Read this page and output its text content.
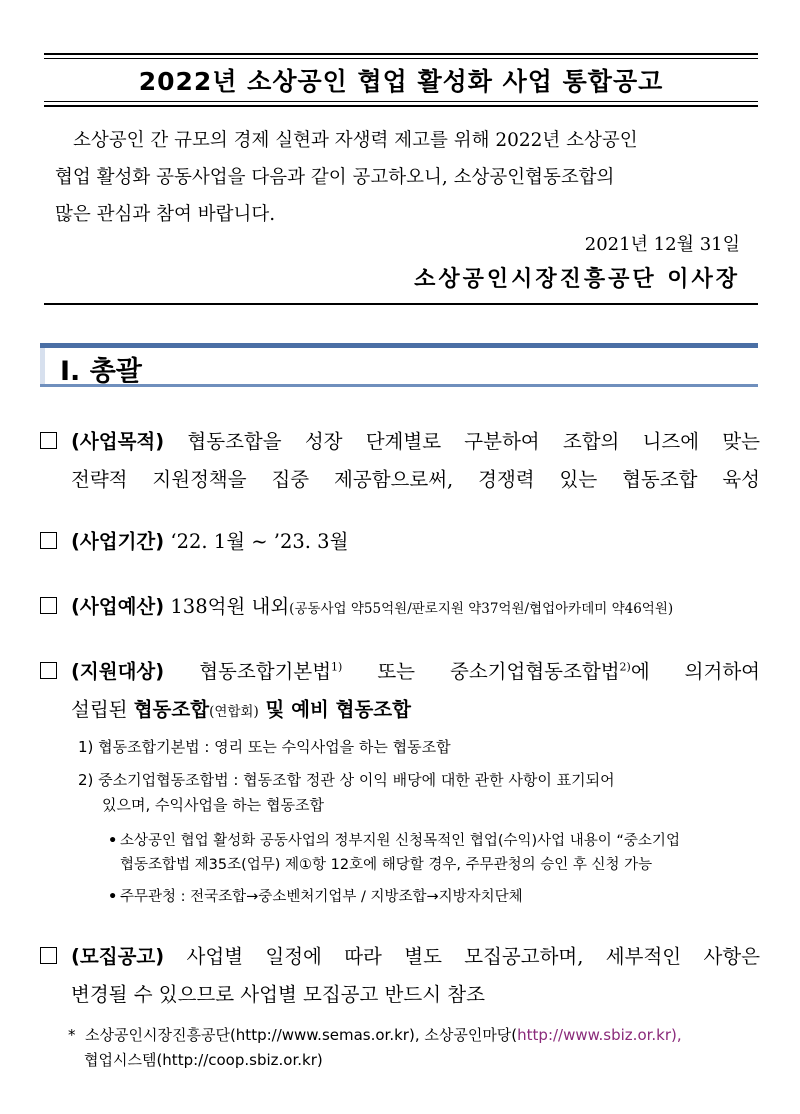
2022년 소상공인 협업 활성화 사업 통합공고
소상공인 간 규모의 경제 실현과 자생력 제고를 위해 2022년 소상공인
협업 활성화 공동사업을 다음과 같이 공고하오니, 소상공인협동조합의
많은 관심과 참여 바랍니다.
2021년 12월 31일
소상공인시장진흥공단 이사장
Ⅰ. 총괄
(사업목적) 협동조합을 성장 단계별로 구분하여 조합의 니즈에 맞는
전략적 지원정책을 집중 제공함으로써, 경쟁력 있는 협동조합 육성
(사업기간) ‘22. 1월 ~ ’23. 3월
(사업예산) 138억원 내외(공동사업 약55억원/판로지원 약37억원/협업아카데미 약46억원)
(지원대상) 협동조합기본법$^{1)}$ 또는 중소기업협동조합법$^{2)}$에 의거하여
설립된 협동조합(연합회) 및 예비 협동조합
1) 협동조합기본법 : 영리 또는 수익사업을 하는 협동조합
2) 중소기업협동조합법 : 협동조합 정관 상 이익 배당에 대한 관한 사항이 표기되어
있으며, 수익사업을 하는 협동조합
• 소상공인 협업 활성화 공동사업의 정부지원 신청목적인 협업(수익)사업 내용이 “중소기업
협동조합법 제35조(업무) 제①항 12호에 해당할 경우, 주무관청의 승인 후 신청 가능
• 주무관청 : 전국조합→중소벤처기업부 / 지방조합→지방자치단체
(모집공고) 사업별 일정에 따라 별도 모집공고하며, 세부적인 사항은
변경될 수 있으므로 사업별 모집공고 반드시 참조
* 소상공인시장진흥공단(http://www.semas.or.kr), 소상공인마당(http://www.sbiz.or.kr),
협업시스템(http://coop.sbiz.or.kr)
